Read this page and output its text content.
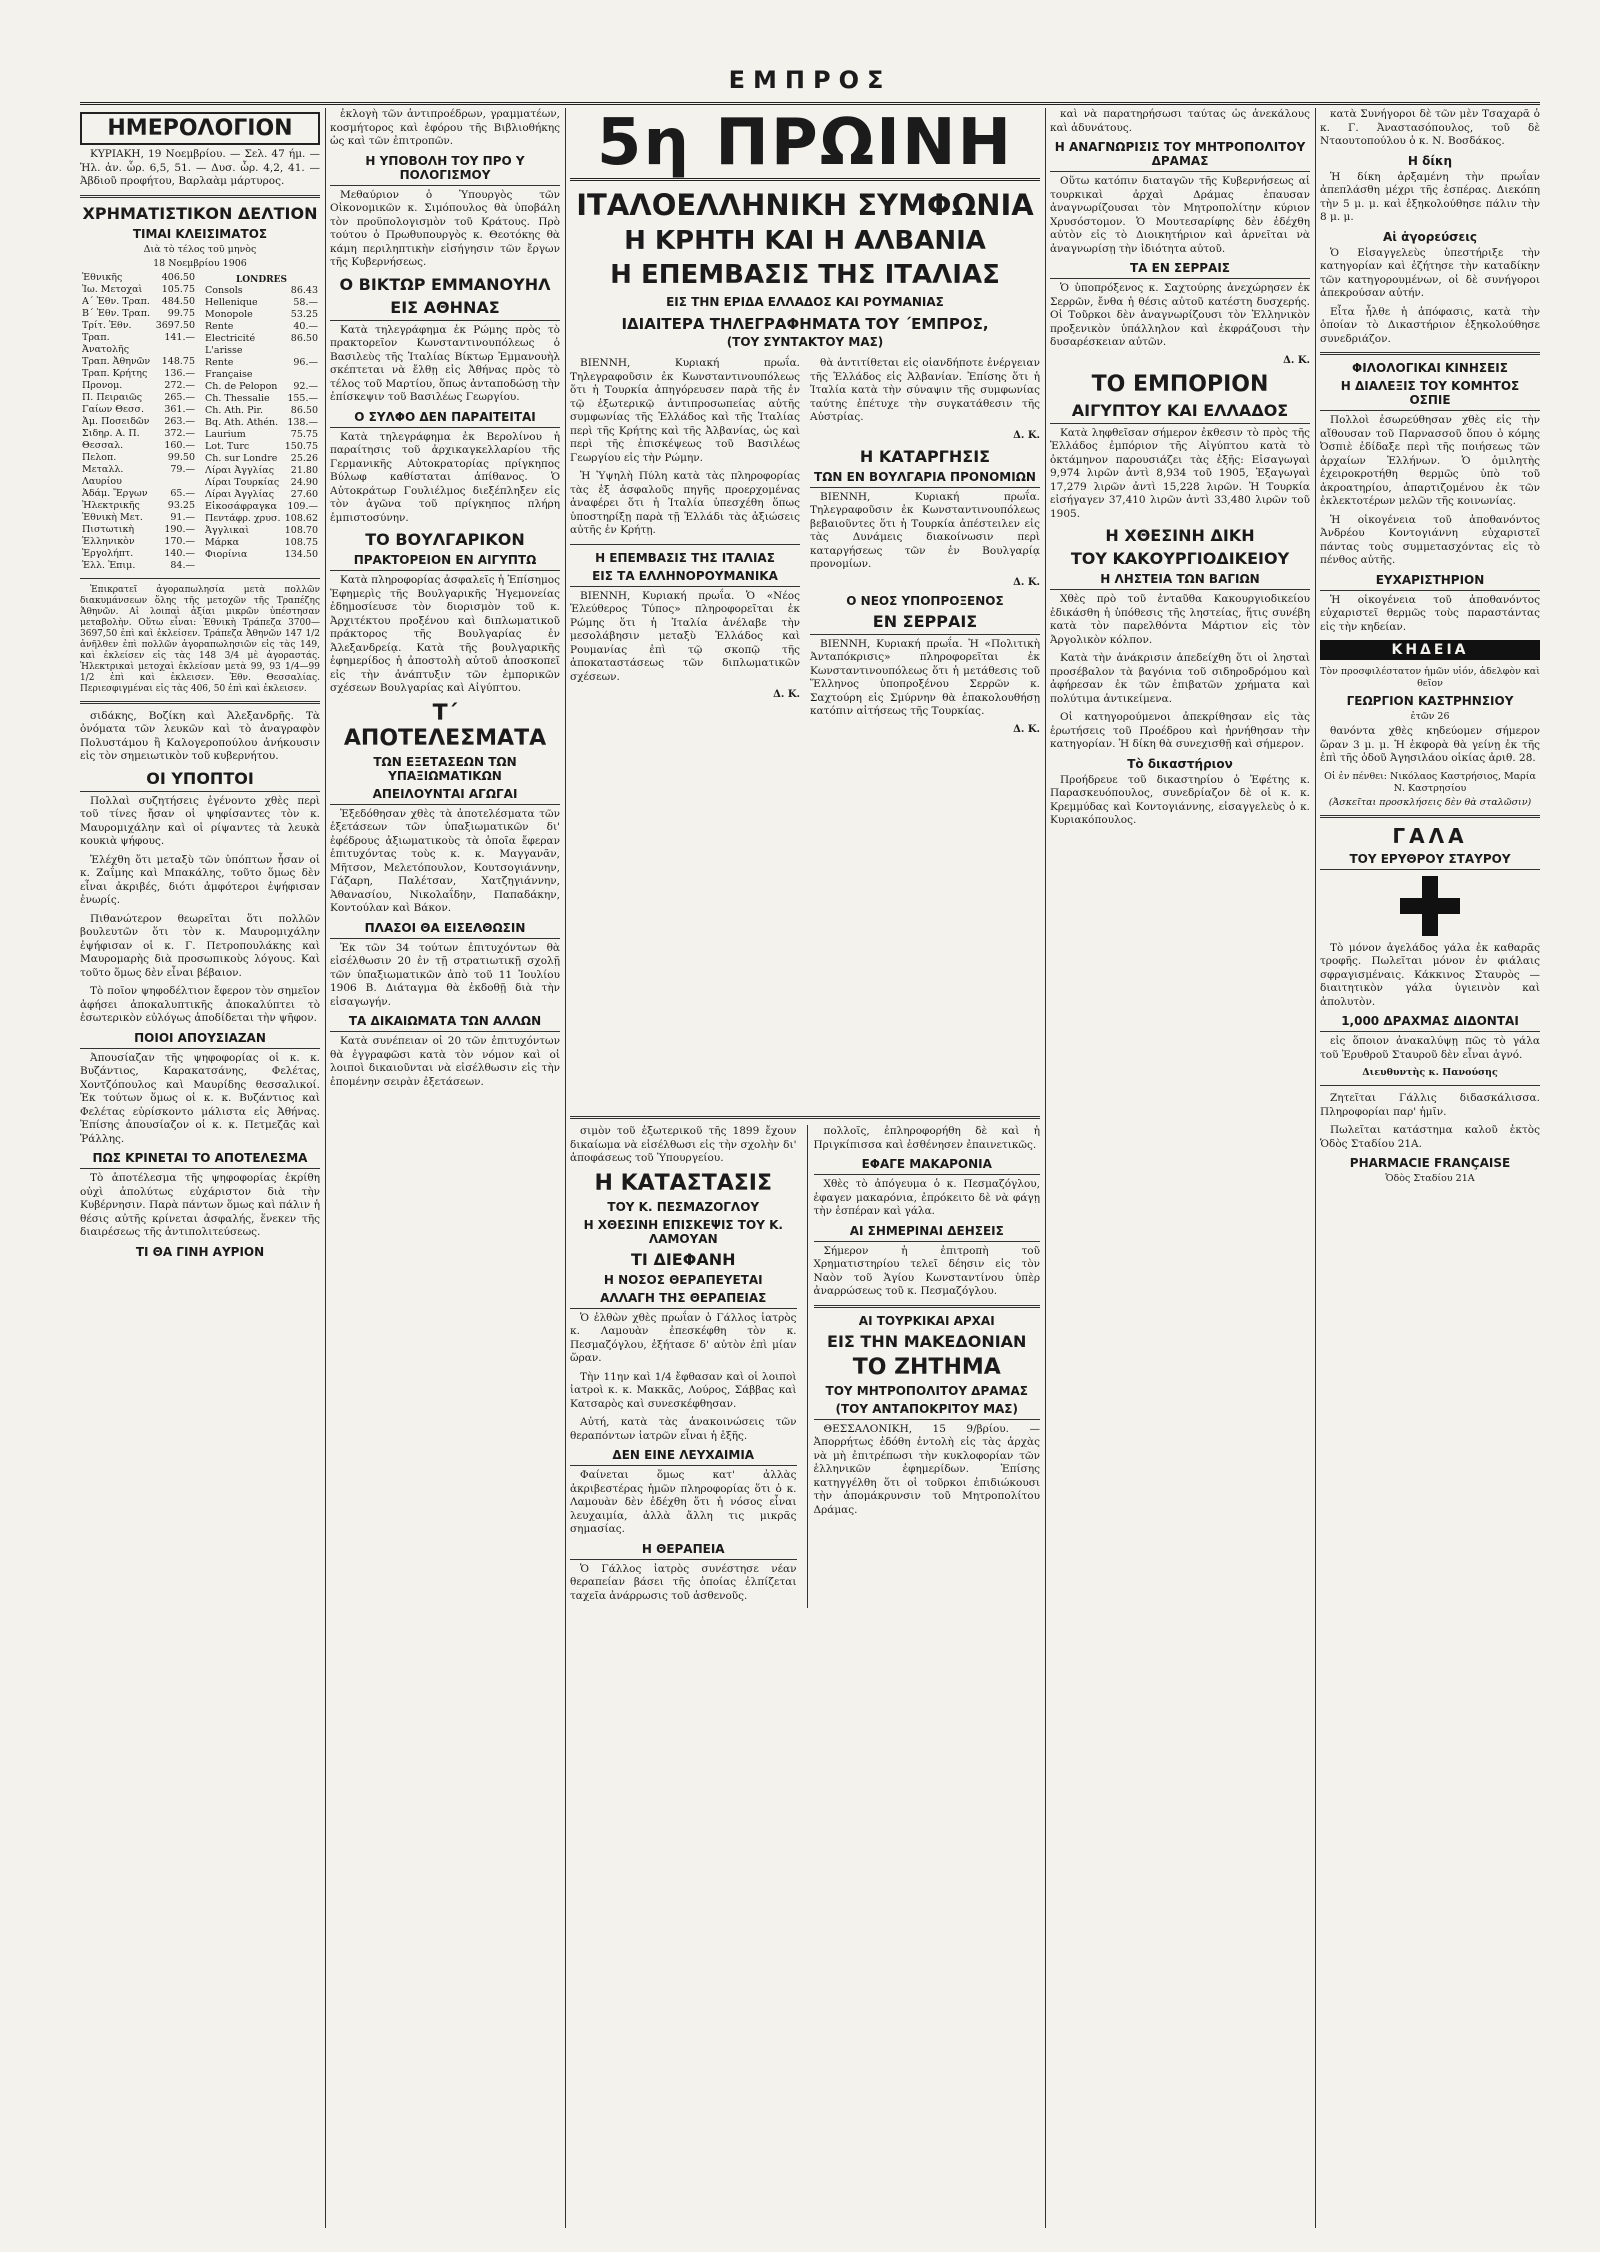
ΕΜΠΡΟΣ
ΗΜΕΡΟΛΟΓΙΟΝ

ΚΥΡΙΑΚΗ, 19 Νοεμβρίου. — Σελ. 47 ήμ. — Ἡλ. ἀν. ὧρ. 6,5, 51. — Δυσ. ὧρ. 4,2, 41. — Ἀβδιοῦ προφήτου, Βαρλαὰμ μάρτυρος.

ΧΡΗΜΑΤΙΣΤΙΚΟΝ ΔΕΛΤΙΟΝ
ΤΙΜΑΙ ΚΛΕΙΣΙΜΑΤΟΣ
Διὰ τὸ τέλος τοῦ μηνὸς
18 Νοεμβρίου 1906
Ἐθνικῆς	406.50
Ἰω. Μετοχαὶ	105.75
Α΄ Ἐθν. Τραπ.	484.50
Β΄ Ἐθν. Τραπ.	99.75
Τρίτ. Ἐθν.	3697.50
Τραπ. Ἀνατολῆς	141.—
Τραπ. Ἀθηνῶν	148.75
Τραπ. Κρήτης	136.—
Προνομ.	272.—
Π. Πειραιῶς	265.—
Γαίων Θεσσ.	361.—
Ἀμ. Ποσειδῶν	263.—
Σιδηρ. Α. Π.	372.—
Θεσσαλ.	160.—
Πελοπ.	99.50
Μεταλλ. Λαυρίου	79.—
Ἀδάμ. Ἔργων	65.—
Ἠλεκτρικῆς	93.25
Ἐθνικὴ Μετ.	91.—
Πιστωτικὴ	190.—
Ἑλληνικὸν	170.—
Ἐργολήπτ.	140.—
Ἑλλ. Ἐπιμ.	84.—
LONDRES
Consols	86.43
Hellenique	58.—
Monopole	53.25
Rente	40.—
Electricité	86.50
L'arisse	
Rente Française	96.—
Ch. de Pelopon	92.—
Ch. Thessalie	155.—
Ch. Ath. Pir.	86.50
Bq. Ath. Athén.	138.—
Laurium	75.75
Lot. Turc	150.75
Ch. sur Londre	25.26
Λίραι Ἀγγλίας	21.80
Λίραι Τουρκίας	24.90
Λίραι Ἀγγλίας	27.60
Εἰκοσάφραγκα	109.—
Πεντάφρ. χρυσ.	108.62
Ἀγγλικαὶ	108.70
Μάρκα	108.75
Φιορίνια	134.50

Ἐπικρατεῖ ἀγοραπωλησία μετὰ πολλῶν διακυμάνσεων ὅλης τῆς μετοχῶν τῆς Τραπέζης Ἀθηνῶν. Αἱ λοιπαὶ ἀξίαι μικρῶν ὑπέστησαν μεταβολὴν. Οὕτω εἶναι: Ἐθνικὴ Τράπεζα 3700—3697,50 ἐπὶ καὶ ἐκλείσεν. Τράπεζα Ἀθηνῶν 147 1/2 ἀνῆλθεν ἐπὶ πολλῶν ἀγοραπωλησιῶν εἰς τὰς 149, καὶ ἐκλείσεν εἰς τὰς 148 3/4 μὲ ἀγοραστάς. Ἠλεκτρικαὶ μετοχαὶ ἐκλείσαν μετὰ 99, 93 1/4—99 1/2 ἐπὶ καὶ ἐκλεισεν. Ἐθν. Θεσσαλίας. Περιεσφιγμέναι εἰς τὰς 406, 50 ἐπὶ καὶ ἐκλεισεν.

σιδάκης, Βοζίκη καὶ Ἀλεξανδρῆς. Τὰ ὀνόματα τῶν λευκῶν καὶ τὸ ἀναγραφὸν Πολυστάμου ἢ Καλογεροπούλου ἀνήκουσιν εἰς τὸν σημειωτικὸν τοῦ κυβερνήτου.

ΟΙ ΥΠΟΠΤΟΙ

Πολλαὶ συζητήσεις ἐγένοντο χθὲς περὶ τοῦ τίνες ἤσαν οἱ ψηφίσαντες τὸν κ. Μαυρομιχάλην καὶ οἱ ρίψαντες τὰ λευκὰ κουκιὰ ψήφους.

Ἐλέχθη ὅτι μεταξὺ τῶν ὑπόπτων ἦσαν οἱ κ. Ζαΐμης καὶ Μπακάλης, τοῦτο ὅμως δὲν εἶναι ἀκριβές, διότι ἀμφότεροι ἐψήφισαν ἐνωρίς.

Πιθανώτερον θεωρεῖται ὅτι πολλῶν βουλευτῶν ὅτι τὸν κ. Μαυρομιχάλην ἐψήφισαν οἱ κ. Γ. Πετροπουλάκης καὶ Μαυρομαρὴς διὰ προσωπικοὺς λόγους. Καὶ τοῦτο ὅμως δὲν εἶναι βέβαιον.

Τὸ ποῖον ψηφοδέλτιον ἔφερον τὸν σημεῖον ἀφήσει ἀποκαλυπτικῆς ἀποκαλύπτει τὸ ἐσωτερικὸν εὐλόγως ἀποδίδεται τὴν ψῆφον.

ΠΟΙΟΙ ΑΠΟΥΣΙΑΖΑΝ

Ἀπουσίαζαν τῆς ψηφοφορίας οἱ κ. κ. Βυζάντιος, Καρακατσάνης, Φελέτας, Χοντζόπουλος καὶ Μαυρίδης θεσσαλικοί. Ἐκ τούτων ὅμως οἱ κ. κ. Βυζάντιος καὶ Φελέτας εὑρίσκοντο μάλιστα εἰς Ἀθήνας. Ἐπίσης ἀπουσίαζον οἱ κ. κ. Πετμεζᾶς καὶ Ῥάλλης.

ΠΩΣ ΚΡΙΝΕΤΑΙ ΤΟ ΑΠΟΤΕΛΕΣΜΑ

Τὸ ἀποτέλεσμα τῆς ψηφοφορίας ἐκρίθη οὐχὶ ἀπολύτως εὐχάριστον διὰ τὴν Κυβέρνησιν. Παρὰ πάντων ὅμως καὶ πάλιν ἡ θέσις αὐτῆς κρίνεται ἀσφαλής, ἕνεκεν τῆς διαιρέσεως τῆς ἀντιπολιτεύσεως.

ΤΙ ΘΑ ΓΙΝΗ ΑΥΡΙΟΝ

ἐκλογὴ τῶν ἀντιπροέδρων, γραμματέων, κοσμήτορος καὶ ἐφόρου τῆς Βιβλιοθήκης ὡς καὶ τῶν ἐπιτροπῶν.

Η ΥΠΟΒΟΛΗ ΤΟΥ ΠΡΟ Υ ΠΟΛΟΓΙΣΜΟΥ

Μεθαύριον ὁ Ὑπουργὸς τῶν Οἰκονομικῶν κ. Σιμόπουλος θὰ ὑποβάλη τὸν προϋπολογισμὸν τοῦ Κράτους. Πρὸ τούτου ὁ Πρωθυπουργὸς κ. Θεοτόκης θὰ κάμη περιληπτικὴν εἰσήγησιν τῶν ἔργων τῆς Κυβερνήσεως.

Ο ΒΙΚΤΩΡ ΕΜΜΑΝΟΥΗΛ
ΕΙΣ ΑΘΗΝΑΣ

Κατὰ τηλεγράφημα ἐκ Ρώμης πρὸς τὸ πρακτορεῖον Κωνσταντινουπόλεως ὁ Βασιλεὺς τῆς Ἰταλίας Βίκτωρ Ἐμμανουὴλ σκέπτεται νὰ ἔλθῃ εἰς Ἀθήνας πρὸς τὸ τέλος τοῦ Μαρτίου, ὅπως ἀνταποδώσῃ τὴν ἐπίσκεψιν τοῦ Βασιλέως Γεωργίου.

Ο ΣΥΛΦΟ ΔΕΝ ΠΑΡΑΙΤΕΙΤΑΙ

Κατὰ τηλεγράφημα ἐκ Βερολίνου ἡ παραίτησις τοῦ ἀρχικαγκελλαρίου τῆς Γερμανικῆς Αὐτοκρατορίας πρίγκηπος Βύλωφ καθίσταται ἀπίθανος. Ὁ Αὐτοκράτωρ Γουλιέλμος διεξέπληξεν εἰς τὸν ἀγῶνα τοῦ πρίγκηπος πλήρη ἐμπιστοσύνην.

ΤΟ ΒΟΥΛΓΑΡΙΚΟΝ
ΠΡΑΚΤΟΡΕΙΟΝ ΕΝ ΑΙΓΥΠΤΩ

Κατὰ πληροφορίας ἀσφαλεῖς ἡ Ἐπίσημος Ἐφημερὶς τῆς Βουλγαρικῆς Ἠγεμονείας ἐδημοσίευσε τὸν διορισμὸν τοῦ κ. Ἀρχιτέκτου προξένου καὶ διπλωματικοῦ πράκτορος τῆς Βουλγαρίας ἐν Ἀλεξανδρείᾳ. Κατὰ τῆς βουλγαρικῆς ἐφημερίδος ἡ ἀποστολὴ αὐτοῦ ἀποσκοπεῖ εἰς τὴν ἀνάπτυξιν τῶν ἐμπορικῶν σχέσεων Βουλγαρίας καὶ Αἰγύπτου.

Τ΄ ΑΠΟΤΕΛΕΣΜΑΤΑ
ΤΩΝ ΕΞΕΤΑΣΕΩΝ ΤΩΝ ΥΠΑΞΙΩΜΑΤΙΚΩΝ
ΑΠΕΙΛΟΥΝΤΑΙ ΑΓΩΓΑΙ

Ἐξεδόθησαν χθὲς τὰ ἀποτελέσματα τῶν ἐξετάσεων τῶν ὑπαξιωματικῶν δι' ἐφέδρους ἀξιωματικοὺς τὰ ὁποῖα ἔφεραν ἐπιτυχόντας τοὺς κ. κ. Μαγγανᾶν, Μῆτσον, Μελετόπουλον, Κουτσογιάννην, Γάζαρη, Παλέτσαν, Χατζηγιάννην, Ἀθανασίου, Νικολαΐδην, Παπαδάκην, Κοντούλαν καὶ Βάκον.

ΠΛΑΣΟΙ ΘΑ ΕΙΣΕΛΘΩΣΙΝ

Ἐκ τῶν 34 τούτων ἐπιτυχόντων θὰ εἰσέλθωσιν 20 ἐν τῇ στρατιωτικῇ σχολῇ τῶν ὑπαξιωματικῶν ἀπὸ τοῦ 11 Ἰουλίου 1906 Β. Διάταγμα θὰ ἐκδοθῇ διὰ τὴν εἰσαγωγήν.

ΤΑ ΔΙΚΑΙΩΜΑΤΑ ΤΩΝ ΑΛΛΩΝ

Κατὰ συνέπειαν οἱ 20 τῶν ἐπιτυχόντων θὰ ἐγγραφῶσι κατὰ τὸν νόμον καὶ οἱ λοιποὶ δικαιοῦνται νὰ εἰσέλθωσιν εἰς τὴν ἐπομένην σειρὰν ἐξετάσεων.

5η ΠΡΩΙΝΗ
ΙΤΑΛΟΕΛΛΗΝΙΚΗ ΣΥΜΦΩΝΙΑ
Η ΚΡΗΤΗ ΚΑΙ Η ΑΛΒΑΝΙΑ
Η ΕΠΕΜΒΑΣΙΣ ΤΗΣ ΙΤΑΛΙΑΣ
ΕΙΣ ΤΗΝ ΕΡΙΔΑ ΕΛΛΑΔΟΣ ΚΑΙ ΡΟΥΜΑΝΙΑΣ
ΙΔΙΑΙΤΕΡΑ ΤΗΛΕΓΡΑΦΗΜΑΤΑ ΤΟΥ ΄ΕΜΠΡΟΣ,
(ΤΟΥ ΣΥΝΤΑΚΤΟΥ ΜΑΣ)

ΒΙΕΝΝΗ, Κυριακή πρωΐα. Τηλεγραφοῦσιν ἐκ Κωνσταντινουπόλεως ὅτι ἡ Τουρκία ἀπηγόρευσεν παρὰ τῆς ἐν τῷ ἐξωτερικῷ ἀντιπροσωπείας αὐτῆς συμφωνίας τῆς Ἑλλάδος καὶ τῆς Ἰταλίας περὶ τῆς Κρήτης καὶ τῆς Ἀλβανίας, ὡς καὶ περὶ τῆς ἐπισκέψεως τοῦ Βασιλέως Γεωργίου εἰς τὴν Ρώμην.

Ἡ Ὑψηλὴ Πύλη κατὰ τὰς πληροφορίας τὰς ἐξ ἀσφαλοῦς πηγῆς προερχομένας ἀναφέρει ὅτι ἡ Ἰταλία ὑπεσχέθη ὅπως ὑποστηρίξῃ παρὰ τῇ Ἑλλάδι τὰς ἀξιώσεις αὐτῆς ἐν Κρήτῃ.

Η ΕΠΕΜΒΑΣΙΣ ΤΗΣ ΙΤΑΛΙΑΣ
ΕΙΣ ΤΑ ΕΛΛΗΝΟΡΟΥΜΑΝΙΚΑ

ΒΙΕΝΝΗ, Κυριακή πρωΐα. Ὁ «Νέος Ἐλεύθερος Τύπος» πληροφορεῖται ἐκ Ρώμης ὅτι ἡ Ἰταλία ἀνέλαβε τὴν μεσολάβησιν μεταξὺ Ἑλλάδος καὶ Ρουμανίας ἐπὶ τῷ σκοπῷ τῆς ἀποκαταστάσεως τῶν διπλωματικῶν σχέσεων.

Δ. Κ.

θὰ ἀντιτίθεται εἰς οἱανδήποτε ἐνέργειαν τῆς Ἑλλάδος εἰς Ἀλβανίαν. Ἐπίσης ὅτι ἡ Ἰταλία κατὰ τὴν σύναψιν τῆς συμφωνίας ταύτης ἐπέτυχε τὴν συγκατάθεσιν τῆς Αὐστρίας.

Δ. Κ.
Η ΚΑΤΑΡΓΗΣΙΣ
ΤΩΝ ΕΝ ΒΟΥΛΓΑΡΙΑ ΠΡΟΝΟΜΙΩΝ

ΒΙΕΝΝΗ, Κυριακή πρωΐα. Τηλεγραφοῦσιν ἐκ Κωνσταντινουπόλεως βεβαιοῦντες ὅτι ἡ Τουρκία ἀπέστειλεν εἰς τὰς Δυνάμεις διακοίνωσιν περὶ καταργήσεως τῶν ἐν Βουλγαρίᾳ προνομίων.

Δ. Κ.
Ο ΝΕΟΣ ΥΠΟΠΡΟΞΕΝΟΣ
ΕΝ ΣΕΡΡΑΙΣ

ΒΙΕΝΝΗ, Κυριακή πρωΐα. Ἡ «Πολιτικὴ Ἀνταπόκρισις» πληροφορεῖται ἐκ Κωνσταντινουπόλεως ὅτι ἡ μετάθεσις τοῦ Ἕλληνος ὑποπροξένου Σερρῶν κ. Σαχτούρη εἰς Σμύρνην θὰ ἐπακολουθήσῃ κατόπιν αἰτήσεως τῆς Τουρκίας.

Δ. Κ.

σιμὸν τοῦ ἐξωτερικοῦ τῆς 1899 ἔχουν δικαίωμα νὰ εἰσέλθωσι εἰς τὴν σχολὴν δι' ἀποφάσεως τοῦ Ὑπουργείου.

Η ΚΑΤΑΣΤΑΣΙΣ
ΤΟΥ Κ. ΠΕΣΜΑΖΟΓΛΟΥ
Η ΧΘΕΣΙΝΗ ΕΠΙΣΚΕΨΙΣ ΤΟΥ Κ. ΛΑΜΟΥΑΝ
ΤΙ ΔΙΕΦΑΝΗ
Η ΝΟΣΟΣ ΘΕΡΑΠΕΥΕΤΑΙ
ΑΛΛΑΓΗ ΤΗΣ ΘΕΡΑΠΕΙΑΣ

Ὁ ἐλθὼν χθὲς πρωΐαν ὁ Γάλλος ἰατρὸς κ. Λαμουὰν ἐπεσκέφθη τὸν κ. Πεσμαζόγλου, ἐξήτασε δ' αὐτὸν ἐπὶ μίαν ὥραν.

Τὴν 11ην καὶ 1/4 ἔφθασαν καὶ οἱ λοιποὶ ἰατροὶ κ. κ. Μακκᾶς, Λούρος, Σάββας καὶ Κατσαρὸς καὶ συνεσκέφθησαν.

Αὐτή, κατὰ τὰς ἀνακοινώσεις τῶν θεραπόντων ἰατρῶν εἶναι ἡ ἑξῆς.

ΔΕΝ ΕΙΝΕ ΛΕΥΧΑΙΜΙΑ

Φαίνεται ὅμως κατ' ἀλλὰς ἀκριβεστέρας ἡμῶν πληροφορίας ὅτι ὁ κ. Λαμουὰν δὲν ἐδέχθη ὅτι ἡ νόσος εἶναι λευχαιμία, ἀλλὰ ἄλλη τις μικρᾶς σημασίας.

Η ΘΕΡΑΠΕΙΑ

Ὁ Γάλλος ἰατρὸς συνέστησε νέαν θεραπείαν βάσει τῆς ὁποίας ἐλπίζεται ταχεῖα ἀνάρρωσις τοῦ ἀσθενοῦς.

πολλοῖς, ἐπληροφορήθη δὲ καὶ ἡ Πριγκίπισσα καὶ ἐσθένησεν ἐπαινετικῶς.

ΕΦΑΓΕ ΜΑΚΑΡΟΝΙΑ

Χθὲς τὸ ἀπόγευμα ὁ κ. Πεσμαζόγλου, ἐφαγεν μακαρόνια, ἐπρόκειτο δὲ νὰ φάγῃ τὴν ἑσπέραν καὶ γάλα.

ΑΙ ΣΗΜΕΡΙΝΑΙ ΔΕΗΣΕΙΣ

Σήμερον ἡ ἐπιτροπὴ τοῦ Χρηματιστηρίου τελεῖ δέησιν εἰς τὸν Ναὸν τοῦ Ἁγίου Κωνσταντίνου ὑπὲρ ἀναρρώσεως τοῦ κ. Πεσμαζόγλου.

ΑΙ ΤΟΥΡΚΙΚΑΙ ΑΡΧΑΙ
ΕΙΣ ΤΗΝ ΜΑΚΕΔΟΝΙΑΝ
ΤΟ ΖΗΤΗΜΑ
ΤΟΥ ΜΗΤΡΟΠΟΛΙΤΟΥ ΔΡΑΜΑΣ
(ΤΟΥ ΑΝΤΑΠΟΚΡΙΤΟΥ ΜΑΣ)

ΘΕΣΣΑΛΟΝΙΚΗ, 15 9/βρίου. — Ἀπορρήτως ἐδόθη ἐντολὴ εἰς τὰς ἀρχὰς νὰ μὴ ἐπιτρέπωσι τὴν κυκλοφορίαν τῶν ἑλληνικῶν ἐφημερίδων. Ἐπίσης κατηγγέλθη ὅτι οἱ τοῦρκοι ἐπιδιώκουσι τὴν ἀπομάκρυνσιν τοῦ Μητροπολίτου Δράμας.

καὶ νὰ παρατηρήσωσι ταύτας ὡς ἀνεκάλους καὶ ἀδυνάτους.

Η ΑΝΑΓΝΩΡΙΣΙΣ ΤΟΥ ΜΗΤΡΟΠΟΛΙΤΟΥ ΔΡΑΜΑΣ

Οὕτω κατόπιν διαταγῶν τῆς Κυβερνήσεως αἱ τουρκικαὶ ἀρχαὶ Δράμας ἐπαυσαν ἀναγνωρίζουσαι τὸν Μητροπολίτην κύριον Χρυσόστομον. Ὁ Μουτεσαρίφης δὲν ἐδέχθη αὐτὸν εἰς τὸ Διοικητήριον καὶ ἀρνεῖται νὰ ἀναγνωρίσῃ τὴν ἰδιότητα αὐτοῦ.

ΤΑ ΕΝ ΣΕΡΡΑΙΣ

Ὁ ὑποπρόξενος κ. Σαχτούρης ἀνεχώρησεν ἐκ Σερρῶν, ἔνθα ἡ θέσις αὐτοῦ κατέστη δυσχερής. Οἱ Τοῦρκοι δὲν ἀναγνωρίζουσι τὸν Ἑλληνικὸν προξενικὸν ὑπάλληλον καὶ ἐκφράζουσι τὴν δυσαρέσκειαν αὐτῶν.

Δ. Κ.
ΤΟ ΕΜΠΟΡΙΟΝ
ΑΙΓΥΠΤΟΥ ΚΑΙ ΕΛΛΑΔΟΣ

Κατὰ ληφθεῖσαν σήμερον ἐκθεσιν τὸ πρὸς τῆς Ἑλλάδος ἐμπόριον τῆς Αἰγύπτου κατὰ τὸ ὀκτάμηνον παρουσιάζει τὰς ἑξῆς: Εἰσαγωγαὶ 9,974 λιρῶν ἀντὶ 8,934 τοῦ 1905, Ἐξαγωγαὶ 17,279 λιρῶν ἀντὶ 15,228 λιρῶν. Ἡ Τουρκία εἰσήγαγεν 37,410 λιρῶν ἀντὶ 33,480 λιρῶν τοῦ 1905.

Η ΧΘΕΣΙΝΗ ΔΙΚΗ
ΤΟΥ ΚΑΚΟΥΡΓΙΟΔΙΚΕΙΟΥ
Η ΛΗΣΤΕΙΑ ΤΩΝ ΒΑΓΙΩΝ

Χθὲς πρὸ τοῦ ἐνταῦθα Κακουργιοδικείου ἐδικάσθη ἡ ὑπόθεσις τῆς ληστείας, ἥτις συνέβη κατὰ τὸν παρελθόντα Μάρτιον εἰς τὸν Ἀργολικὸν κόλπον.

Κατὰ τὴν ἀνάκρισιν ἀπεδείχθη ὅτι οἱ λησταὶ προσέβαλον τὰ βαγόνια τοῦ σιδηροδρόμου καὶ ἀφήρεσαν ἐκ τῶν ἐπιβατῶν χρήματα καὶ πολύτιμα ἀντικείμενα.

Οἱ κατηγορούμενοι ἀπεκρίθησαν εἰς τὰς ἐρωτήσεις τοῦ Προέδρου καὶ ἠρνήθησαν τὴν κατηγορίαν. Ἡ δίκη θὰ συνεχισθῇ καὶ σήμερον.

Τὸ δικαστήριον

Προήδρευε τοῦ δικαστηρίου ὁ Ἐφέτης κ. Παρασκευόπουλος, συνεδρίαζον δὲ οἱ κ. κ. Κρεμμύδας καὶ Κοντογιάννης, εἰσαγγελεὺς ὁ κ. Κυριακόπουλος.

κατὰ Συνήγοροι δὲ τῶν μὲν Τσαχαρᾶ ὁ κ. Γ. Ἀναστασόπουλος, τοῦ δὲ Νταουτοπούλου ὁ κ. Ν. Βοσδάκος.

Η δίκη

Ἡ δίκη ἀρξαμένη τὴν πρωΐαν ἀπεπλάσθη μέχρι τῆς ἑσπέρας. Διεκόπη τὴν 5 μ. μ. καὶ ἐξηκολούθησε πάλιν τὴν 8 μ. μ.

Αἱ ἀγορεύσεις

Ὁ Εἰσαγγελεὺς ὑπεστήριξε τὴν κατηγορίαν καὶ ἐζήτησε τὴν καταδίκην τῶν κατηγορουμένων, οἱ δὲ συνήγοροι ἀπεκρούσαν αὐτήν.

Εἶτα ἦλθε ἡ ἀπόφασις, κατὰ τὴν ὁποίαν τὸ Δικαστήριον ἐξηκολούθησε συνεδριάζον.

ΦΙΛΟΛΟΓΙΚΑΙ ΚΙΝΗΣΕΙΣ
Η ΔΙΑΛΕΞΙΣ ΤΟΥ ΚΟΜΗΤΟΣ ΟΣΠΙΕ

Πολλοὶ ἐσωρεύθησαν χθὲς εἰς τὴν αἴθουσαν τοῦ Παρνασσοῦ ὅπου ὁ κόμης Ὀσπιὲ ἐδίδαξε περὶ τῆς ποιήσεως τῶν ἀρχαίων Ἑλλήνων. Ὁ ὁμιλητὴς ἐχειροκροτήθη θερμῶς ὑπὸ τοῦ ἀκροατηρίου, ἀπαρτιζομένου ἐκ τῶν ἐκλεκτοτέρων μελῶν τῆς κοινωνίας.

Ἡ οἰκογένεια τοῦ ἀποθανόντος Ἀνδρέου Κοντογιάννη εὐχαριστεῖ πάντας τοὺς συμμετασχόντας εἰς τὸ πένθος αὐτῆς.

ΕΥΧΑΡΙΣΤΗΡΙΟΝ

Ἡ οἰκογένεια τοῦ ἀποθανόντος εὐχαριστεῖ θερμῶς τοὺς παραστάντας εἰς τὴν κηδείαν.

ΚΗΔΕΙΑ
Τὸν προσφιλέστατον ἡμῶν υἱόν, ἀδελφὸν καὶ θεῖον
ΓΕΩΡΓΙΟΝ ΚΑΣΤΡΗΝΣΙΟΥ
ἐτῶν 26

θανόντα χθὲς κηδεύομεν σήμερον ὥραν 3 μ. μ. Ἡ ἐκφορὰ θὰ γείνῃ ἐκ τῆς ἐπὶ τῆς ὁδοῦ Ἀγησιλάου οἰκίας ἀριθ. 28.

Οἱ ἐν πένθει: Νικόλαος Καστρήσιος, Μαρία Ν. Καστρησίου
(Ἀσκεῖται προσκλήσεις δὲν θὰ σταλῶσιν)
ΓΑΛΑ
ΤΟΥ ΕΡΥΘΡΟΥ ΣΤΑΥΡΟΥ

Τὸ μόνον ἀγελάδος γάλα ἐκ καθαρᾶς τροφῆς. Πωλεῖται μόνον ἐν φιάλαις σφραγισμέναις. Κάκκινος Σταυρὸς — διαιτητικὸν γάλα ὑγιεινὸν καὶ ἀπολυτὸν.

1,000 ΔΡΑΧΜΑΣ ΔΙΔΟΝΤΑΙ

εἰς ὅποιον ἀνακαλύψῃ πῶς τὸ γάλα τοῦ Ἐρυθροῦ Σταυροῦ δὲν εἶναι ἁγνό.

Διευθυντὴς κ. Πανούσης

Ζητεῖται Γάλλις διδασκάλισσα. Πληροφορίαι παρ' ἡμῖν.

Πωλεῖται κατάστημα καλοῦ ἐκτὸς Ὁδὸς Σταδίου 21Α.

PHARMACIE FRANÇAISE
Ὁδὸς Σταδίου 21Α
